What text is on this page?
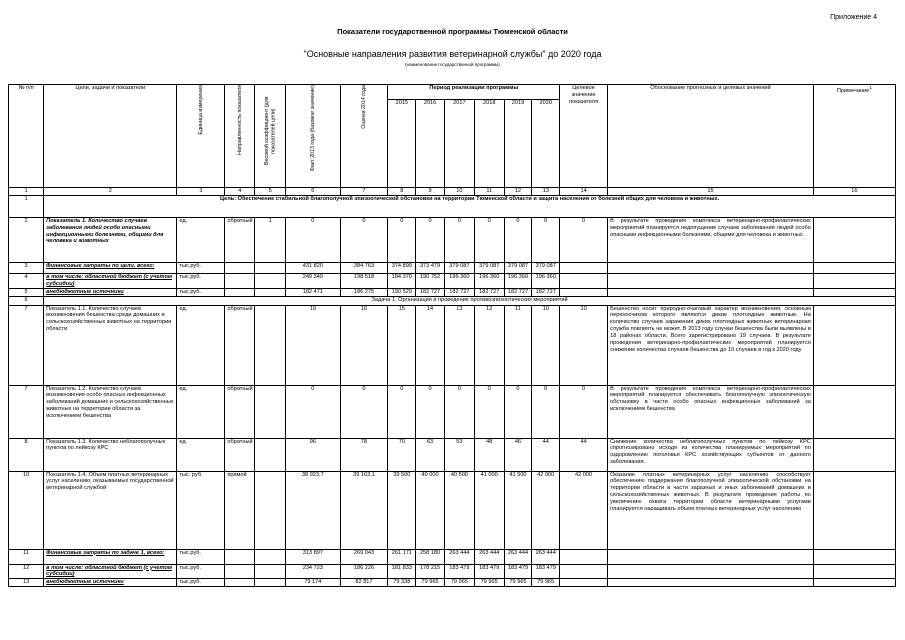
Приложение 4
Показатели государственной программы Тюменской области
"Основные направления развития ветеринарной службы" до 2020 года
(наименование государственной программы)
№ п/п	Цели, задачи и показатели	Единица измерения	Направленность показателя	Весовой коэффициент (для показателей цели)	Факт 2013 года (базовое значение)	Оценка 2014 года	Период реализации программы						Целевое значение показателя	Обоснование прогнозных и целевых значений	Примечание$^1$
							2015	2016	2017	2018	2019	2020			
1	2	3	4	5	6	7	8	9	10	11	12	13	14	15	16
1	Цель: Обеспечение стабильной благополучной эпизоотической обстановки на территории Тюменской области и защита населения от болезней общих для человека и животных.														
2	Показатель 1. Количество случаев заболевания людей особо опасными инфекционными болезнями, общими для человека и животных	ед.	обратный	1	0	0	0	0	0	0	0	0	0	В результате проведения комплекса ветеринарно-профилактических мероприятий планируется недопущение случаев заболевания людей особо опасными инфекционными болезнями, общими для человека и животных.	
3	Финансовые затраты по цели, всего:	тыс.руб.			431 820	384 763	374 899	373 479	379 087	379 087	379 087	379 087			
4	в том числе: областной бюджет (с учетом субсидии)	тыс.руб.			249 349	198 518	184 370	190 752	196 360	196 360	196 360	196 360			
5	внебюджетные источники	тыс.руб.			182 471	186 275	190 529	182 727	182 727	182 727	182 727	182 727			
6	Задача 1. Организация и проведение противоэпизоотических мероприятий														
7	Показатель 1.1. Количество случаев возникновения бешенства среди домашних и сельскохозяйственных животных на территории области	ед.	обратный		19	16	15	14	13	12	11	10	10	Бешенство носит природно-очаговый характер возникновения, основным переносчиком которого являются дикие плотоядные животные. На количество случаев заражения диких плотоядных животных ветеринарная служба повлиять не может. В 2013 году случаи бешенства были выявлены в 18 районах области. Всего зарегистрировано 19 случаев. В результате проведения ветеринарно-профилактических мероприятий планируется снижение количества случаев бешенства до 10 случаев в год к 2020 году	
7	Показатель 1.2. Количество случаев возникновения особо опасных инфекционных заболеваний домашних и сельскохозяйственных животных на территории области за исключением бешенства	ед.	обратный		0	0	0	0	0	0	0	0	0	В результате проведения комплекса ветеринарно-профилактических мероприятий планируется обеспечивать благополучную эпизоотическую обстановку в части особо опасных инфекционных заболеваний за исключением бешенства	
8	Показатель 1.3. Количество неблагополучных пунктов по лейкозу КРС	ед.	обратный		96	78	70	63	53	48	46	44	44	Снижение количества неблагополучных пунктов по лейкозу КРС спрогнозировано исходя из количества планируемых мероприятий по оздоровлению поголовья КРС хозяйствующих субъектов от данного заболевания.	
10	Показатель 1.4. Объем платных ветеринарных услуг населению, оказываемых государственной ветеринарной службой	тыс. руб.	прямой		38 923,7	39 163,1	39 500	40 000	40 500	41 000	41 500	42 000	42 000	Оказание платных ветеринарных услуг населению способствует обеспечению поддержания благополучной эпизоотической обстановки на территории области в части заразных и иных заболеваний домашних и сельскохозяйственных животных. В результате проведения работы по увеличению охвата территории области ветеринарными услугами планируется наращивать объем платных ветеринарных услуг населению	
11	Финансовые затраты по задаче 1, всего:	тыс.руб.			313 897	269 043	261 171	258 180	263 444	263 444	263 444	263 444			
12	в том числе: областной бюджет (с учетом субсидии)	тыс.руб.			234 723	186 226	181 833	178 215	183 479	183 479	183 479	183 479			
13	внебюджетные источники	тыс.руб.			79 174	82 817	79 338	79 965	79 965	79 965	79 965	79 965			
